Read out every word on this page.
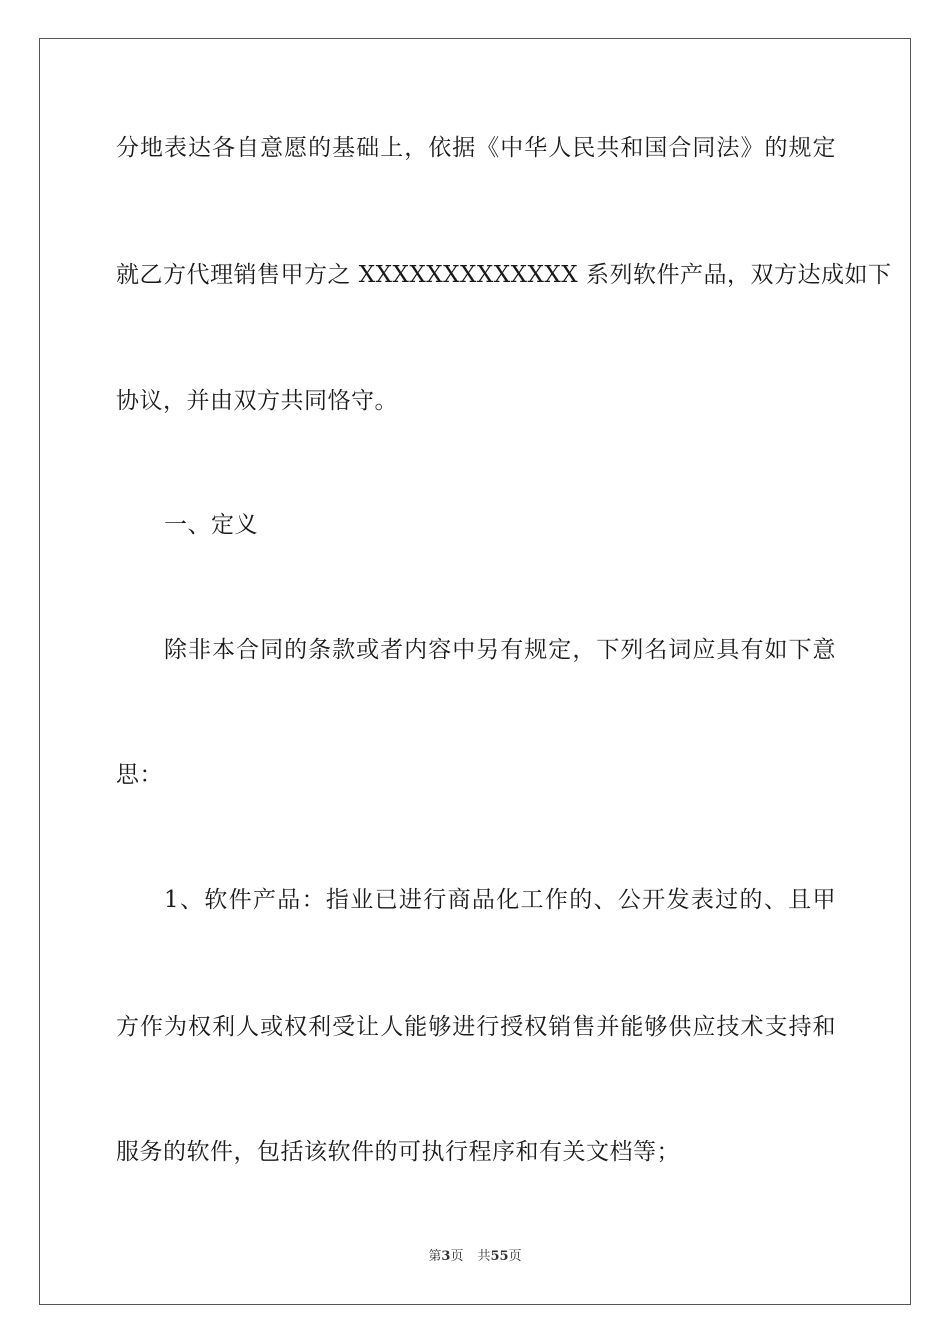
分地表达各自意愿的基础上，依据《中华人民共和国合同法》的规定
就乙方代理销售甲方之 XXXXXXXXXXXXX 系列软件产品，双方达成如下
协议，并由双方共同恪守。
一、定义
除非本合同的条款或者内容中另有规定，下列名词应具有如下意
思：
1、软件产品：指业已进行商品化工作的、公开发表过的、且甲
方作为权利人或权利受让人能够进行授权销售并能够供应技术支持和
服务的软件，包括该软件的可执行程序和有关文档等；
第3页 共55页
